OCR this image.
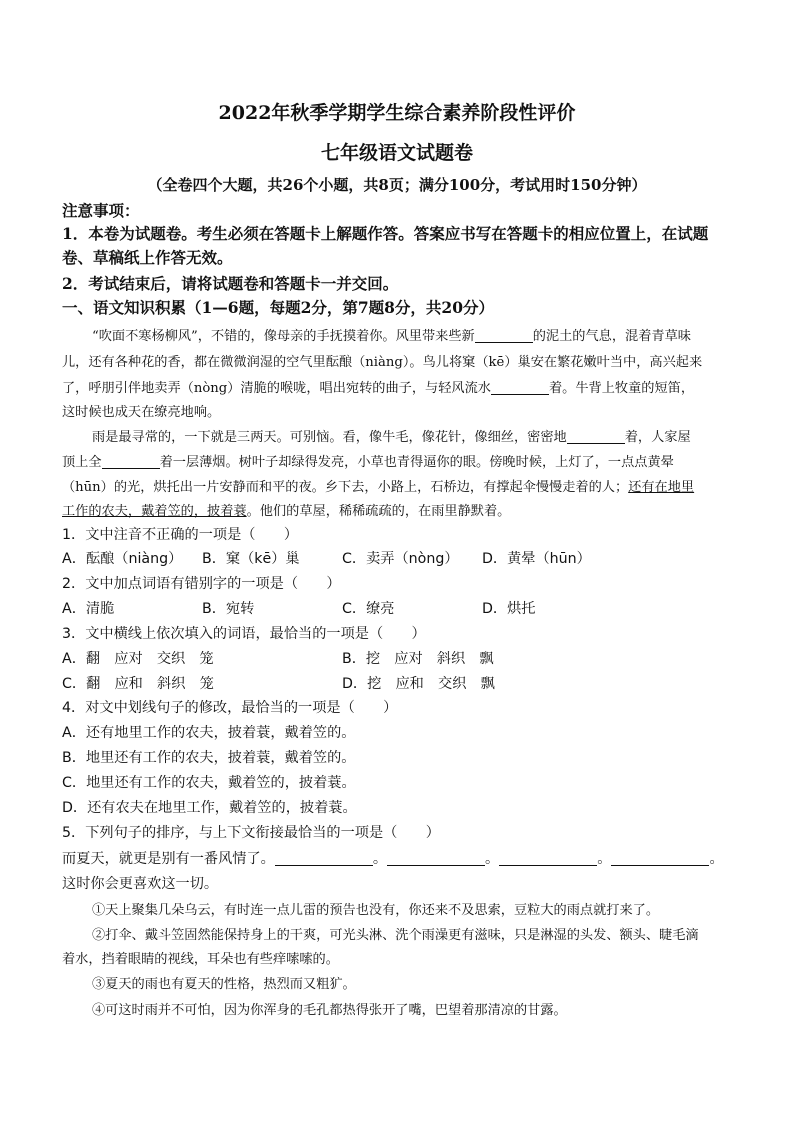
2022年秋季学期学生综合素养阶段性评价
七年级语文试题卷
（全卷四个大题，共26个小题，共8页；满分100分，考试用时150分钟）
注意事项：
1．本卷为试题卷。考生必须在答题卡上解题作答。答案应书写在答题卡的相应位置上，在试题
卷、草稿纸上作答无效。
2．考试结束后，请将试题卷和答题卡一并交回。
一、语文知识积累（1—6题，每题2分，第7题8分，共20分）
“吹面不寒杨柳风”，不错的，像母亲的手抚摸着你。风里带来些新	的泥土的气息，混着青草味
儿，还有各种花的香，都在微微润湿的空气里酝酿（niàng）。鸟儿将窠（kē）巢安在繁花嫩叶当中，高兴起来
了，呼朋引伴地卖弄（nòng）清脆的喉咙，唱出宛转的曲子，与轻风流水	着。牛背上牧童的短笛，
这时候也成天在缭亮地响。
雨是最寻常的，一下就是三两天。可别恼。看，像牛毛，像花针，像细丝，密密地	着，人家屋
顶上全	着一层薄烟。树叶子却绿得发亮，小草也青得逼你的眼。傍晚时候，上灯了，一点点黄晕
（hūn）的光，烘托出一片安静而和平的夜。乡下去，小路上，石桥边，有撑起伞慢慢走着的人；还有在地里
工作的农夫，戴着笠的，披着蓑。他们的草屋，稀稀疏疏的，在雨里静默着。
1．文中注音不正确的一项是（　　）
A．酝酿（niàng） B．窠（kē）巢	C．卖弄（nòng） D．黄晕（hūn）
2．文中加点词语有错别字的一项是（　　）
A．清脆	B．宛转	C．缭亮	D．烘托
3．文中横线上依次填入的词语，最恰当的一项是（　　）
A．翻　应对　交织　笼	B．挖　应对　斜织　飘
C．翻　应和　斜织　笼	D．挖　应和　交织　飘
4．对文中划线句子的修改，最恰当的一项是（　　）
A．还有地里工作的农夫，披着蓑，戴着笠的。
B．地里还有工作的农夫，披着蓑，戴着笠的。
C．地里还有工作的农夫，戴着笠的，披着蓑。
D．还有农夫在地里工作，戴着笠的，披着蓑。
5．下列句子的排序，与上下文衔接最恰当的一项是（　　）
而夏天，就更是别有一番风情了。	。	。	。	。
这时你会更喜欢这一切。
①天上聚集几朵乌云，有时连一点儿雷的预告也没有，你还来不及思索，豆粒大的雨点就打来了。
②打伞、戴斗笠固然能保持身上的干爽，可光头淋、洗个雨澡更有滋味，只是淋湿的头发、额头、睫毛滴
着水，挡着眼睛的视线，耳朵也有些痒嗦嗦的。
③夏天的雨也有夏天的性格，热烈而又粗犷。
④可这时雨并不可怕，因为你浑身的毛孔都热得张开了嘴，巴望着那清凉的甘露。
